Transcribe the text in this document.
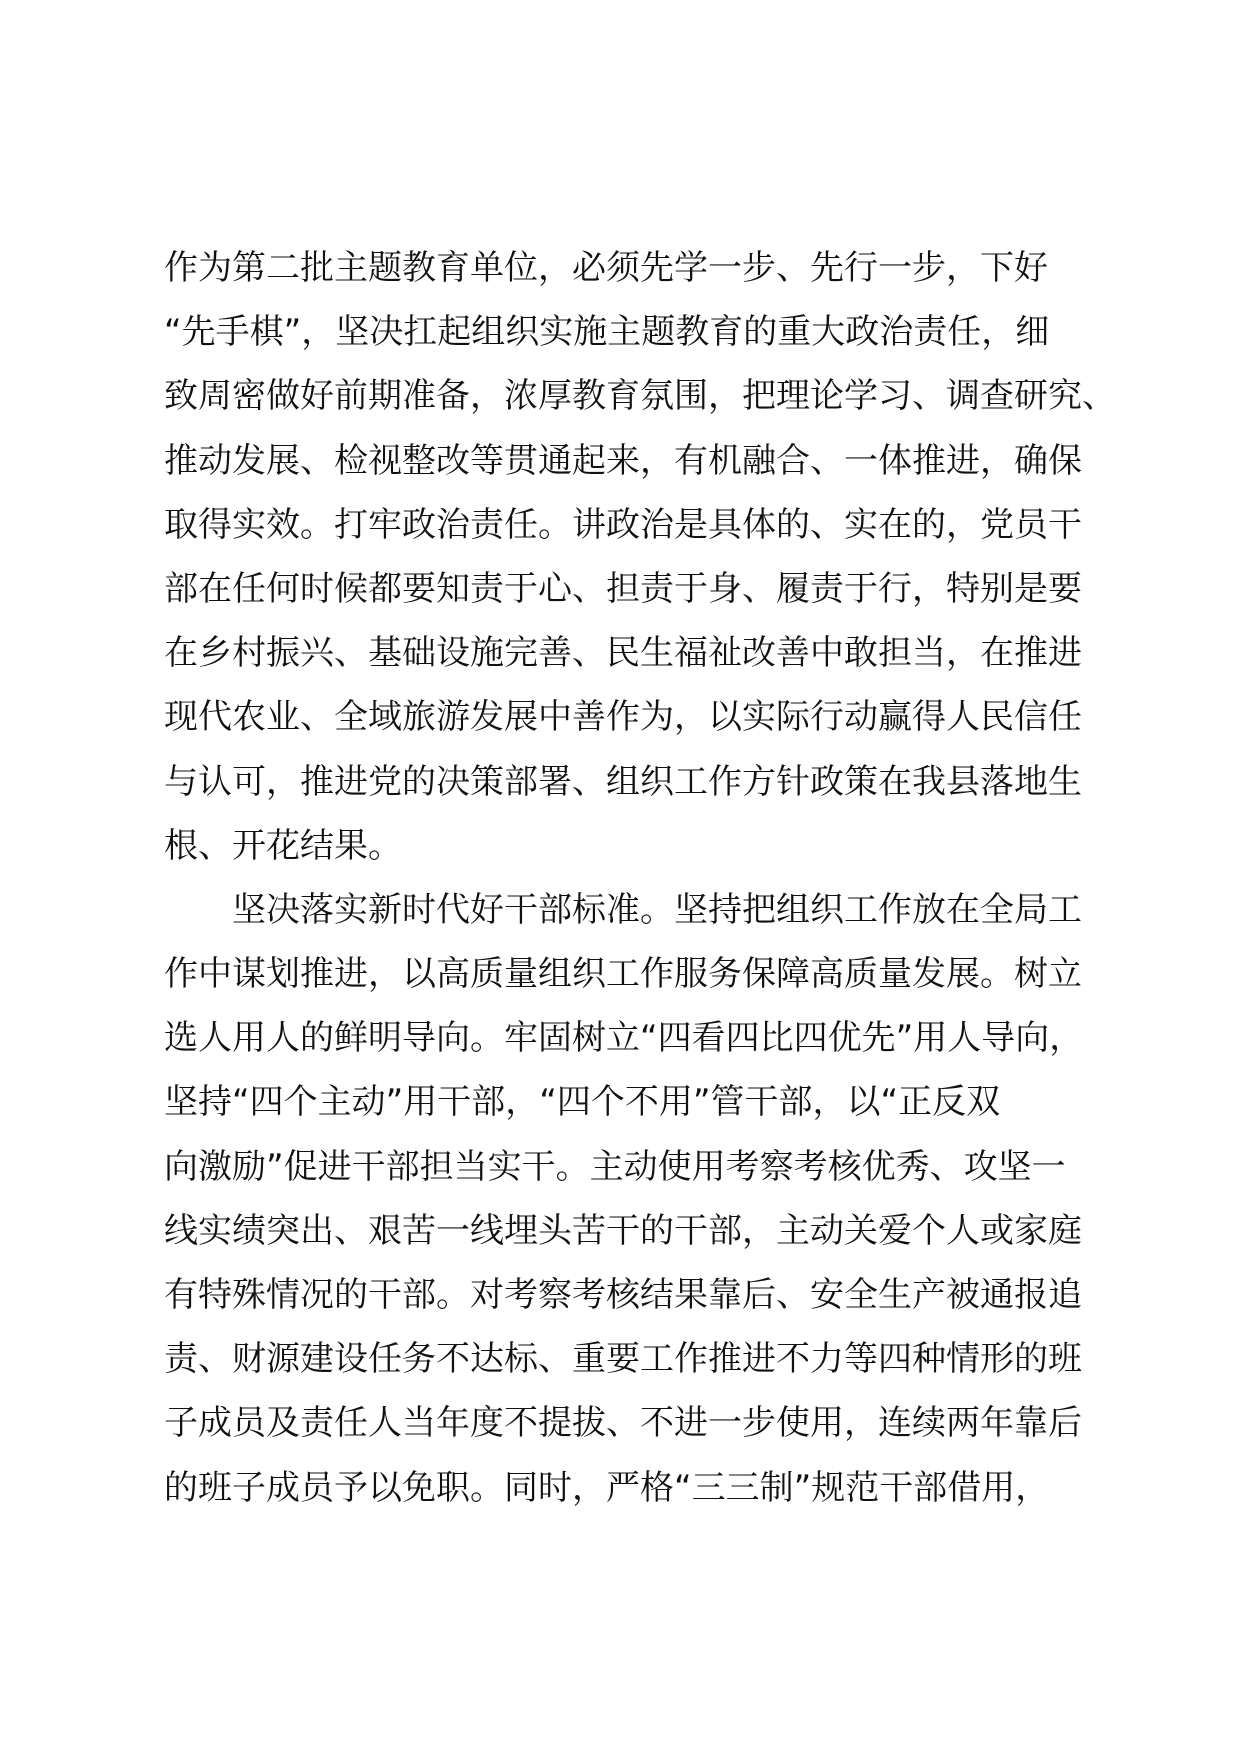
作为第二批主题教育单位，必须先学一步、先行一步，下好
“先手棋”，坚决扛起组织实施主题教育的重大政治责任，细
致周密做好前期准备，浓厚教育氛围，把理论学习、调查研究、
推动发展、检视整改等贯通起来，有机融合、一体推进，确保
取得实效。打牢政治责任。讲政治是具体的、实在的，党员干
部在任何时候都要知责于心、担责于身、履责于行，特别是要
在乡村振兴、基础设施完善、民生福祉改善中敢担当，在推进
现代农业、全域旅游发展中善作为，以实际行动赢得人民信任
与认可，推进党的决策部署、组织工作方针政策在我县落地生
根、开花结果。
坚决落实新时代好干部标准。坚持把组织工作放在全局工
作中谋划推进，以高质量组织工作服务保障高质量发展。树立
选人用人的鲜明导向。牢固树立“四看四比四优先”用人导向，
坚持“四个主动”用干部，“四个不用”管干部，以“正反双
向激励”促进干部担当实干。主动使用考察考核优秀、攻坚一
线实绩突出、艰苦一线埋头苦干的干部，主动关爱个人或家庭
有特殊情况的干部。对考察考核结果靠后、安全生产被通报追
责、财源建设任务不达标、重要工作推进不力等四种情形的班
子成员及责任人当年度不提拔、不进一步使用，连续两年靠后
的班子成员予以免职。同时，严格“三三制”规范干部借用，
